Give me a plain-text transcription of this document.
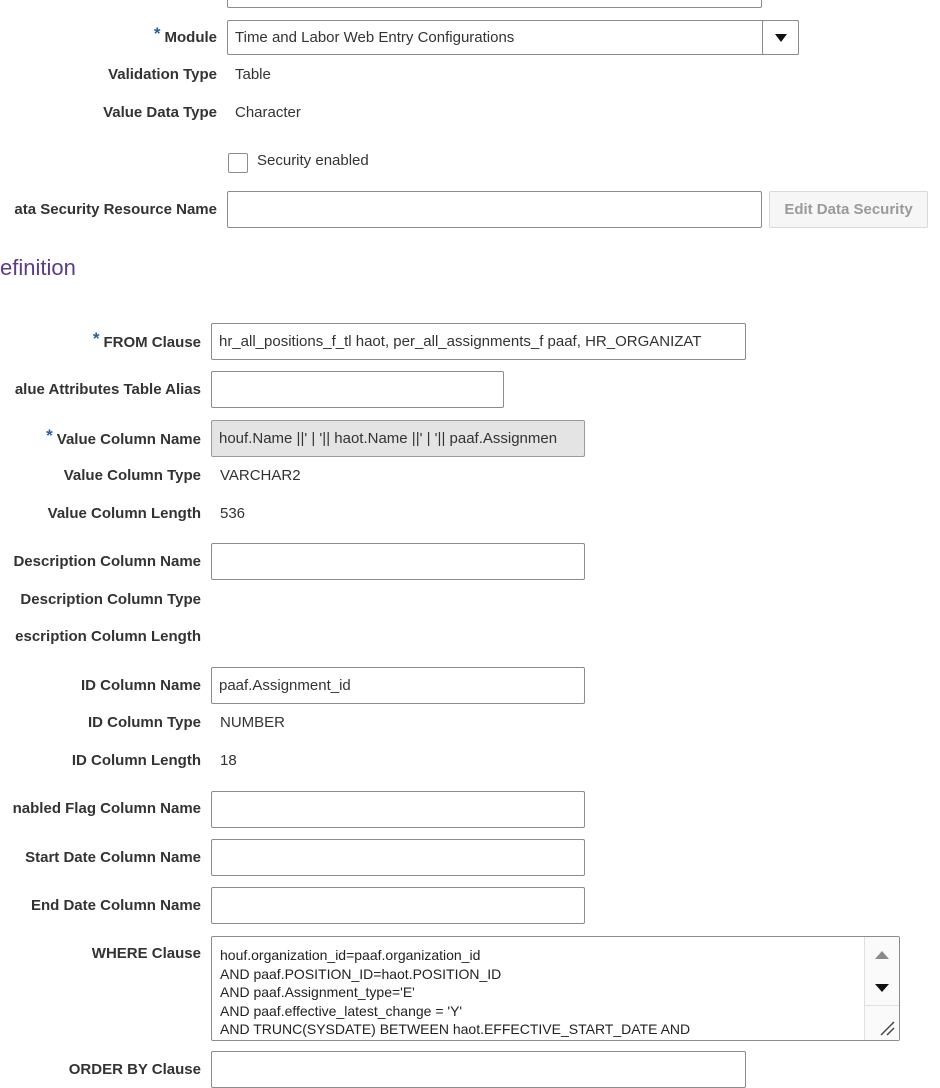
* Module	Time and Labor Web Entry Configurations
Validation Type Table
Value Data Type Character
Security enabled
ata Security Resource Name	Edit Data Security
efinition
* FROM Clause	hr_all_positions_f_tl haot, per_all_assignments_f paaf, HR_ORGANIZAT
alue Attributes Table Alias
* Value Column Name	houf.Name ||' | '|| haot.Name ||' | '|| paaf.Assignmen
Value Column Type VARCHAR2
Value Column Length 536
Description Column Name
Description Column Type
escription Column Length
ID Column Name	paaf.Assignment_id
ID Column Type NUMBER
ID Column Length 18
nabled Flag Column Name
Start Date Column Name
End Date Column Name
WHERE Clause houf.organization_id=paaf.organization_id
AND paaf.POSITION_ID=haot.POSITION_ID
AND paaf.Assignment_type='E'
AND paaf.effective_latest_change = 'Y'
AND TRUNC(SYSDATE) BETWEEN haot.EFFECTIVE_START_DATE AND
ORDER BY Clause
